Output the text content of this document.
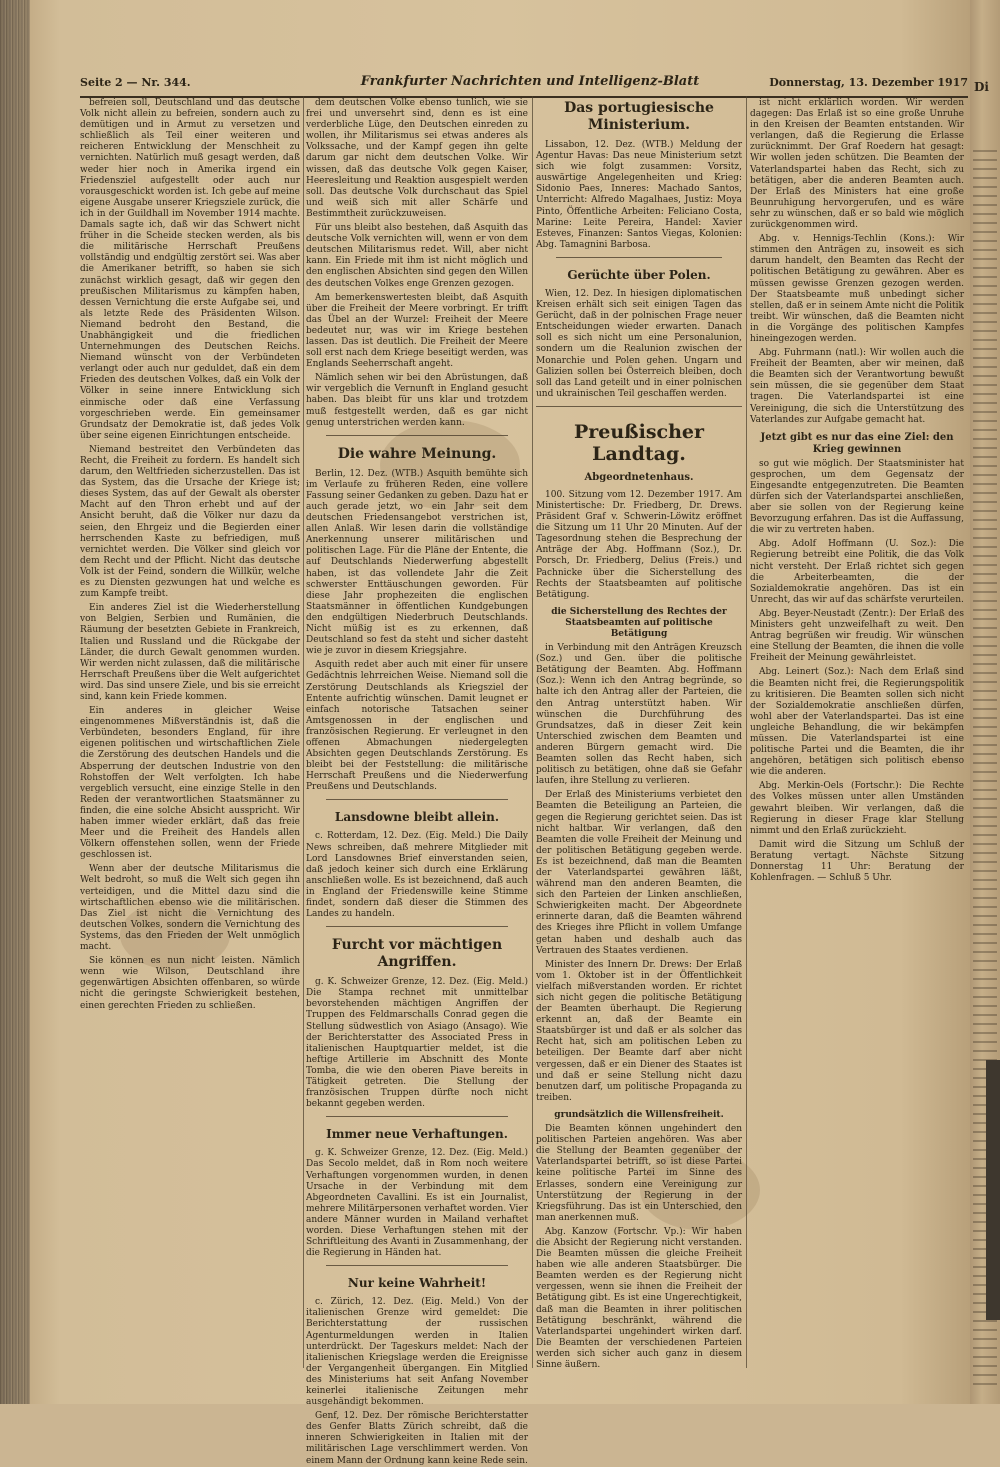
Seite 2 — Nr. 344.	Frankfurter Nachrichten und Intelligenz-Blatt	Donnerstag, 13. Dezember 1917

befreien soll, Deutschland und das deutsche Volk nicht allein zu befreien, sondern auch zu demütigen und in Armut zu versetzen und schließlich als Teil einer weiteren und reicheren Entwicklung der Menschheit zu vernichten. Natürlich muß gesagt werden, daß weder hier noch in Amerika irgend ein Friedensziel aufgestellt oder auch nur vorausgeschickt worden ist. Ich gebe auf meine eigene Ausgabe unserer Kriegsziele zurück, die ich in der Guildhall im November 1914 machte. Damals sagte ich, daß wir das Schwert nicht früher in die Scheide stecken werden, als bis die militärische Herrschaft Preußens vollständig und endgültig zerstört sei. Was aber die Amerikaner betrifft, so haben sie sich zunächst wirklich gesagt, daß wir gegen den preußischen Militarismus zu kämpfen haben, dessen Vernichtung die erste Aufgabe sei, und als letzte Rede des Präsidenten Wilson. Niemand bedroht den Bestand, die Unabhängigkeit und die friedlichen Unternehmungen des Deutschen Reichs. Niemand wünscht von der Verbündeten verlangt oder auch nur geduldet, daß ein dem Frieden des deutschen Volkes, daß ein Volk der Völker in seine innere Entwicklung sich einmische oder daß eine Verfassung vorgeschrieben werde. Ein gemeinsamer Grundsatz der Demokratie ist, daß jedes Volk über seine eigenen Einrichtungen entscheide.

Niemand bestreitet den Verbündeten das Recht, die Freiheit zu fordern. Es handelt sich darum, den Weltfrieden sicherzustellen. Das ist das System, das die Ursache der Kriege ist; dieses System, das auf der Gewalt als oberster Macht auf den Thron erhebt und auf der Ansicht beruht, daß die Völker nur dazu da seien, den Ehrgeiz und die Begierden einer herrschenden Kaste zu befriedigen, muß vernichtet werden. Die Völker sind gleich vor dem Recht und der Pflicht. Nicht das deutsche Volk ist der Feind, sondern die Willkür, welche es zu Diensten gezwungen hat und welche es zum Kampfe treibt.

Ein anderes Ziel ist die Wiederherstellung von Belgien, Serbien und Rumänien, die Räumung der besetzten Gebiete in Frankreich, Italien und Russland und die Rückgabe der Länder, die durch Gewalt genommen wurden. Wir werden nicht zulassen, daß die militärische Herrschaft Preußens über die Welt aufgerichtet wird. Das sind unsere Ziele, und bis sie erreicht sind, kann kein Friede kommen.

Ein anderes in gleicher Weise eingenommenes Mißverständnis ist, daß die Verbündeten, besonders England, für ihre eigenen politischen und wirtschaftlichen Ziele die Zerstörung des deutschen Handels und die Absperrung der deutschen Industrie von den Rohstoffen der Welt verfolgten. Ich habe vergeblich versucht, eine einzige Stelle in den Reden der verantwortlichen Staatsmänner zu finden, die eine solche Absicht ausspricht. Wir haben immer wieder erklärt, daß das freie Meer und die Freiheit des Handels allen Völkern offenstehen sollen, wenn der Friede geschlossen ist.

Wenn aber der deutsche Militarismus die Welt bedroht, so muß die Welt sich gegen ihn verteidigen, und die Mittel dazu sind die wirtschaftlichen ebenso wie die militärischen. Das Ziel ist nicht die Vernichtung des deutschen Volkes, sondern die Vernichtung des Systems, das den Frieden der Welt unmöglich macht.

Sie können es nun nicht leisten. Nämlich wenn wie Wilson, Deutschland ihre gegenwärtigen Absichten offenbaren, so würde nicht die geringste Schwierigkeit bestehen, einen gerechten Frieden zu schließen.

dem deutschen Volke ebenso tunlich, wie sie frei und unversehrt sind, denn es ist eine verderbliche Lüge, den Deutschen einreden zu wollen, ihr Militarismus sei etwas anderes als Volkssache, und der Kampf gegen ihn gelte darum gar nicht dem deutschen Volke. Wir wissen, daß das deutsche Volk gegen Kaiser, Heeresleitung und Reaktion ausgespielt werden soll. Das deutsche Volk durchschaut das Spiel und weiß sich mit aller Schärfe und Bestimmtheit zurückzuweisen.

Für uns bleibt also bestehen, daß Asquith das deutsche Volk vernichten will, wenn er von dem deutschen Militarismus redet. Will, aber nicht kann. Ein Friede mit ihm ist nicht möglich und den englischen Absichten sind gegen den Willen des deutschen Volkes enge Grenzen gezogen.

Am bemerkenswertesten bleibt, daß Asquith über die Freiheit der Meere vorbringt. Er trifft das Übel an der Wurzel: Freiheit der Meere bedeutet nur, was wir im Kriege bestehen lassen. Das ist deutlich. Die Freiheit der Meere soll erst nach dem Kriege beseitigt werden, was Englands Seeherrschaft angeht.

Nämlich sehen wir bei den Abrüstungen, daß wir vergeblich die Vernunft in England gesucht haben. Das bleibt für uns klar und trotzdem muß festgestellt werden, daß es gar nicht genug unterstrichen werden kann.

Die wahre Meinung.

Berlin, 12. Dez. (WTB.) Asquith bemühte sich im Verlaufe zu früheren Reden, eine vollere Fassung seiner Gedanken zu geben. Dazu hat er auch gerade jetzt, wo ein Jahr seit dem deutschen Friedensangebot verstrichen ist, allen Anlaß. Wir lesen darin die vollständige Anerkennung unserer militärischen und politischen Lage. Für die Pläne der Entente, die auf Deutschlands Niederwerfung abgestellt haben, ist das vollendete Jahr die Zeit schwerster Enttäuschungen geworden. Für diese Jahr prophezeiten die englischen Staatsmänner in öffentlichen Kundgebungen den endgültigen Niederbruch Deutschlands. Nicht müßig ist es zu erkennen, daß Deutschland so fest da steht und sicher dasteht wie je zuvor in diesem Kriegsjahre.

Asquith redet aber auch mit einer für unsere Gedächtnis lehrreichen Weise. Niemand soll die Zerstörung Deutschlands als Kriegsziel der Entente aufrichtig wünschen. Damit leugnet er einfach notorische Tatsachen seiner Amtsgenossen in der englischen und französischen Regierung. Er verleugnet in den offenen Abmachungen niedergelegten Absichten gegen Deutschlands Zerstörung. Es bleibt bei der Feststellung: die militärische Herrschaft Preußens und die Niederwerfung Preußens und Deutschlands.

Lansdowne bleibt allein.

c. Rotterdam, 12. Dez. (Eig. Meld.) Die Daily News schreiben, daß mehrere Mitglieder mit Lord Lansdownes Brief einverstanden seien, daß jedoch keiner sich durch eine Erklärung anschließen wolle. Es ist bezeichnend, daß auch in England der Friedenswille keine Stimme findet, sondern daß dieser die Stimmen des Landes zu handeln.

Furcht vor mächtigen Angriffen.

g. K. Schweizer Grenze, 12. Dez. (Eig. Meld.) Die Stampa rechnet mit unmittelbar bevorstehenden mächtigen Angriffen der Truppen des Feldmarschalls Conrad gegen die Stellung südwestlich von Asiago (Ansago). Wie der Berichterstatter des Associated Press in italienischen Hauptquartier meldet, ist die heftige Artillerie im Abschnitt des Monte Tomba, die wie den oberen Piave bereits in Tätigkeit getreten. Die Stellung der französischen Truppen dürfte noch nicht bekannt gegeben werden.

Immer neue Verhaftungen.

g. K. Schweizer Grenze, 12. Dez. (Eig. Meld.) Das Secolo meldet, daß in Rom noch weitere Verhaftungen vorgenommen wurden, in denen Ursache in der Verbindung mit dem Abgeordneten Cavallini. Es ist ein Journalist, mehrere Militärpersonen verhaftet worden. Vier andere Männer wurden in Mailand verhaftet worden. Diese Verhaftungen stehen mit der Schriftleitung des Avanti in Zusammenhang, der die Regierung in Händen hat.

Nur keine Wahrheit!

c. Zürich, 12. Dez. (Eig. Meld.) Von der italienischen Grenze wird gemeldet: Die Berichterstattung der russischen Agenturmeldungen werden in Italien unterdrückt. Der Tageskurs meldet: Nach der italienischen Kriegslage werden die Ereignisse der Vergangenheit übergangen. Ein Mitglied des Ministeriums hat seit Anfang November keinerlei italienische Zeitungen mehr ausgehändigt bekommen.

Genf, 12. Dez. Der römische Berichterstatter des Genfer Blatts Zürich schreibt, daß die inneren Schwierigkeiten in Italien mit der militärischen Lage verschlimmert werden. Von einem Mann der Ordnung kann keine Rede sein.

Das portugiesische Ministerium.

Lissabon, 12. Dez. (WTB.) Meldung der Agentur Havas: Das neue Ministerium setzt sich wie folgt zusammen: Vorsitz, auswärtige Angelegenheiten und Krieg: Sidonio Paes, Inneres: Machado Santos, Unterricht: Alfredo Magalhaes, Justiz: Moya Pinto, Öffentliche Arbeiten: Feliciano Costa, Marine: Leite Pereira, Handel: Xavier Esteves, Finanzen: Santos Viegas, Kolonien: Abg. Tamagnini Barbosa.

Gerüchte über Polen.

Wien, 12. Dez. In hiesigen diplomatischen Kreisen erhält sich seit einigen Tagen das Gerücht, daß in der polnischen Frage neuer Entscheidungen wieder erwarten. Danach soll es sich nicht um eine Personalunion, sondern um die Realunion zwischen der Monarchie und Polen gehen. Ungarn und Galizien sollen bei Österreich bleiben, doch soll das Land geteilt und in einer polnischen und ukrainischen Teil geschaffen werden.

Preußischer Landtag.
Abgeordnetenhaus.

100. Sitzung vom 12. Dezember 1917. Am Ministertische: Dr. Friedberg, Dr. Drews. Präsident Graf v. Schwerin-Löwitz eröffnet die Sitzung um 11 Uhr 20 Minuten. Auf der Tagesordnung stehen die Besprechung der Anträge der Abg. Hoffmann (Soz.), Dr. Porsch, Dr. Friedberg, Delius (Freis.) und Pachnicke über die Sicherstellung des Rechts der Staatsbeamten auf politische Betätigung.

die Sicherstellung des Rechtes der Staatsbeamten auf politische Betätigung

in Verbindung mit den Anträgen Kreuzsch (Soz.) und Gen. über die politische Betätigung der Beamten. Abg. Hoffmann (Soz.): Wenn ich den Antrag begründe, so halte ich den Antrag aller der Parteien, die den Antrag unterstützt haben. Wir wünschen die Durchführung des Grundsatzes, daß in dieser Zeit kein Unterschied zwischen dem Beamten und anderen Bürgern gemacht wird. Die Beamten sollen das Recht haben, sich politisch zu betätigen, ohne daß sie Gefahr laufen, ihre Stellung zu verlieren.

Der Erlaß des Ministeriums verbietet den Beamten die Beteiligung an Parteien, die gegen die Regierung gerichtet seien. Das ist nicht haltbar. Wir verlangen, daß den Beamten die volle Freiheit der Meinung und der politischen Betätigung gegeben werde. Es ist bezeichnend, daß man die Beamten der Vaterlandspartei gewähren läßt, während man den anderen Beamten, die sich den Parteien der Linken anschließen, Schwierigkeiten macht. Der Abgeordnete erinnerte daran, daß die Beamten während des Krieges ihre Pflicht in vollem Umfange getan haben und deshalb auch das Vertrauen des Staates verdienen.

Minister des Innern Dr. Drews: Der Erlaß vom 1. Oktober ist in der Öffentlichkeit vielfach mißverstanden worden. Er richtet sich nicht gegen die politische Betätigung der Beamten überhaupt. Die Regierung erkennt an, daß der Beamte ein Staatsbürger ist und daß er als solcher das Recht hat, sich am politischen Leben zu beteiligen. Der Beamte darf aber nicht vergessen, daß er ein Diener des Staates ist und daß er seine Stellung nicht dazu benutzen darf, um politische Propaganda zu treiben.

grundsätzlich die Willensfreiheit.

Die Beamten können ungehindert den politischen Parteien angehören. Was aber die Stellung der Beamten gegenüber der Vaterlandspartei betrifft, so ist diese Partei keine politische Partei im Sinne des Erlasses, sondern eine Vereinigung zur Unterstützung der Regierung in der Kriegsführung. Das ist ein Unterschied, den man anerkennen muß.

Abg. Kanzow (Fortschr. Vp.): Wir haben die Absicht der Regierung nicht verstanden. Die Beamten müssen die gleiche Freiheit haben wie alle anderen Staatsbürger. Die Beamten werden es der Regierung nicht vergessen, wenn sie ihnen die Freiheit der Betätigung gibt. Es ist eine Ungerechtigkeit, daß man die Beamten in ihrer politischen Betätigung beschränkt, während die Vaterlandspartei ungehindert wirken darf. Die Beamten der verschiedenen Parteien werden sich sicher auch ganz in diesem Sinne äußern.

ist nicht erklärlich worden. Wir werden dagegen: Das Erlaß ist so eine große Unruhe in den Kreisen der Beamten entstanden. Wir verlangen, daß die Regierung die Erlasse zurücknimmt. Der Graf Roedern hat gesagt: Wir wollen jeden schützen. Die Beamten der Vaterlandspartei haben das Recht, sich zu betätigen, aber die anderen Beamten auch. Der Erlaß des Ministers hat eine große Beunruhigung hervorgerufen, und es wäre sehr zu wünschen, daß er so bald wie möglich zurückgenommen wird.

Abg. v. Hennigs-Techlin (Kons.): Wir stimmen den Anträgen zu, insoweit es sich darum handelt, den Beamten das Recht der politischen Betätigung zu gewähren. Aber es müssen gewisse Grenzen gezogen werden. Der Staatsbeamte muß unbedingt sicher stellen, daß er in seinem Amte nicht die Politik treibt. Wir wünschen, daß die Beamten nicht in die Vorgänge des politischen Kampfes hineingezogen werden.

Abg. Fuhrmann (natl.): Wir wollen auch die Freiheit der Beamten, aber wir meinen, daß die Beamten sich der Verantwortung bewußt sein müssen, die sie gegenüber dem Staat tragen. Die Vaterlandspartei ist eine Vereinigung, die sich die Unterstützung des Vaterlandes zur Aufgabe gemacht hat.

Jetzt gibt es nur das eine Ziel: den Krieg gewinnen

so gut wie möglich. Der Staatsminister hat gesprochen, um dem Gegensatz der Eingesandte entgegenzutreten. Die Beamten dürfen sich der Vaterlandspartei anschließen, aber sie sollen von der Regierung keine Bevorzugung erfahren. Das ist die Auffassung, die wir zu vertreten haben.

Abg. Adolf Hoffmann (U. Soz.): Die Regierung betreibt eine Politik, die das Volk nicht versteht. Der Erlaß richtet sich gegen die Arbeiterbeamten, die der Sozialdemokratie angehören. Das ist ein Unrecht, das wir auf das schärfste verurteilen.

Abg. Beyer-Neustadt (Zentr.): Der Erlaß des Ministers geht unzweifelhaft zu weit. Den Antrag begrüßen wir freudig. Wir wünschen eine Stellung der Beamten, die ihnen die volle Freiheit der Meinung gewährleistet.

Abg. Leinert (Soz.): Nach dem Erlaß sind die Beamten nicht frei, die Regierungspolitik zu kritisieren. Die Beamten sollen sich nicht der Sozialdemokratie anschließen dürfen, wohl aber der Vaterlandspartei. Das ist eine ungleiche Behandlung, die wir bekämpfen müssen. Die Vaterlandspartei ist eine politische Partei und die Beamten, die ihr angehören, betätigen sich politisch ebenso wie die anderen.

Abg. Merkin-Oels (Fortschr.): Die Rechte des Volkes müssen unter allen Umständen gewahrt bleiben. Wir verlangen, daß die Regierung in dieser Frage klar Stellung nimmt und den Erlaß zurückzieht.

Damit wird die Sitzung um Schluß der Beratung vertagt. Nächste Sitzung Donnerstag 11 Uhr: Beratung der Kohlenfragen. — Schluß 5 Uhr.

Di
